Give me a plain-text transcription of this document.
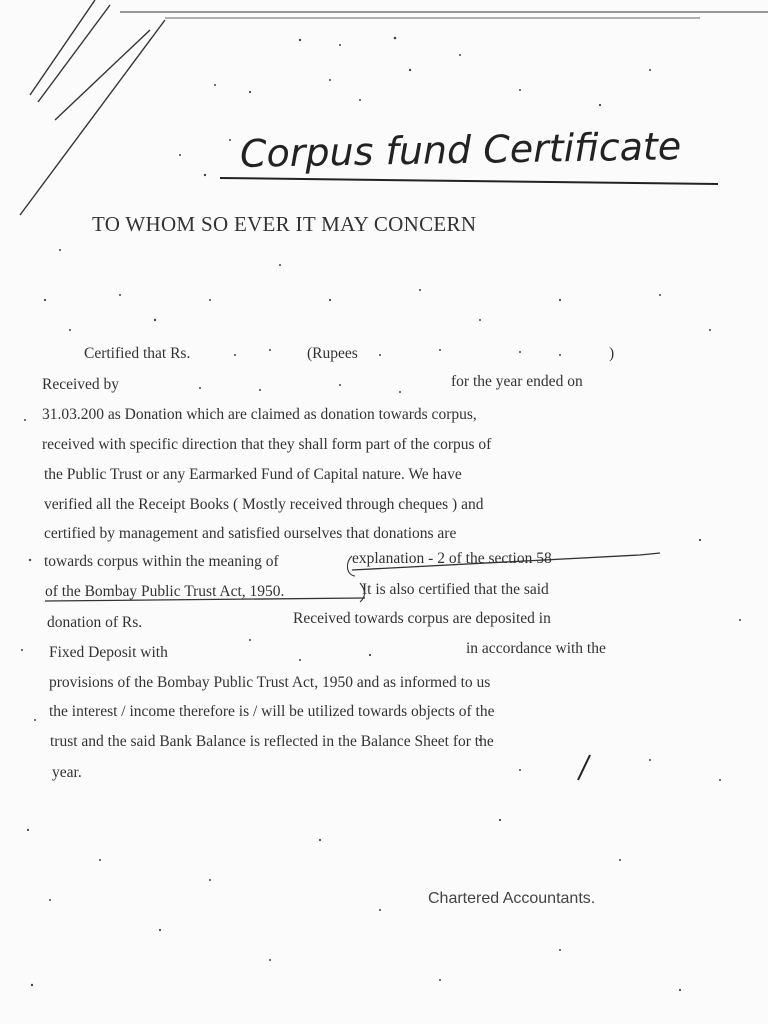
Corpus fund Certificate
TO WHOM SO EVER IT MAY CONCERN
Certified that Rs.	(Rupees	)
Received by	for the year ended on
31.03.200 as Donation which are claimed as donation towards corpus,
received with specific direction that they shall form part of the corpus of
the Public Trust or any Earmarked Fund of Capital nature. We have
verified all the Receipt Books ( Mostly received through cheques ) and
certified by management and satisfied ourselves that donations are
towards corpus within the meaning of	explanation - 2 of the section 58
of the Bombay Public Trust Act, 1950.	It is also certified that the said
donation of Rs.	Received towards corpus are deposited in
Fixed Deposit with	in accordance with the
provisions of the Bombay Public Trust Act, 1950 and as informed to us
the interest / income therefore is / will be utilized towards objects of the
trust and the said Bank Balance is reflected in the Balance Sheet for the
year.
Chartered Accountants.
